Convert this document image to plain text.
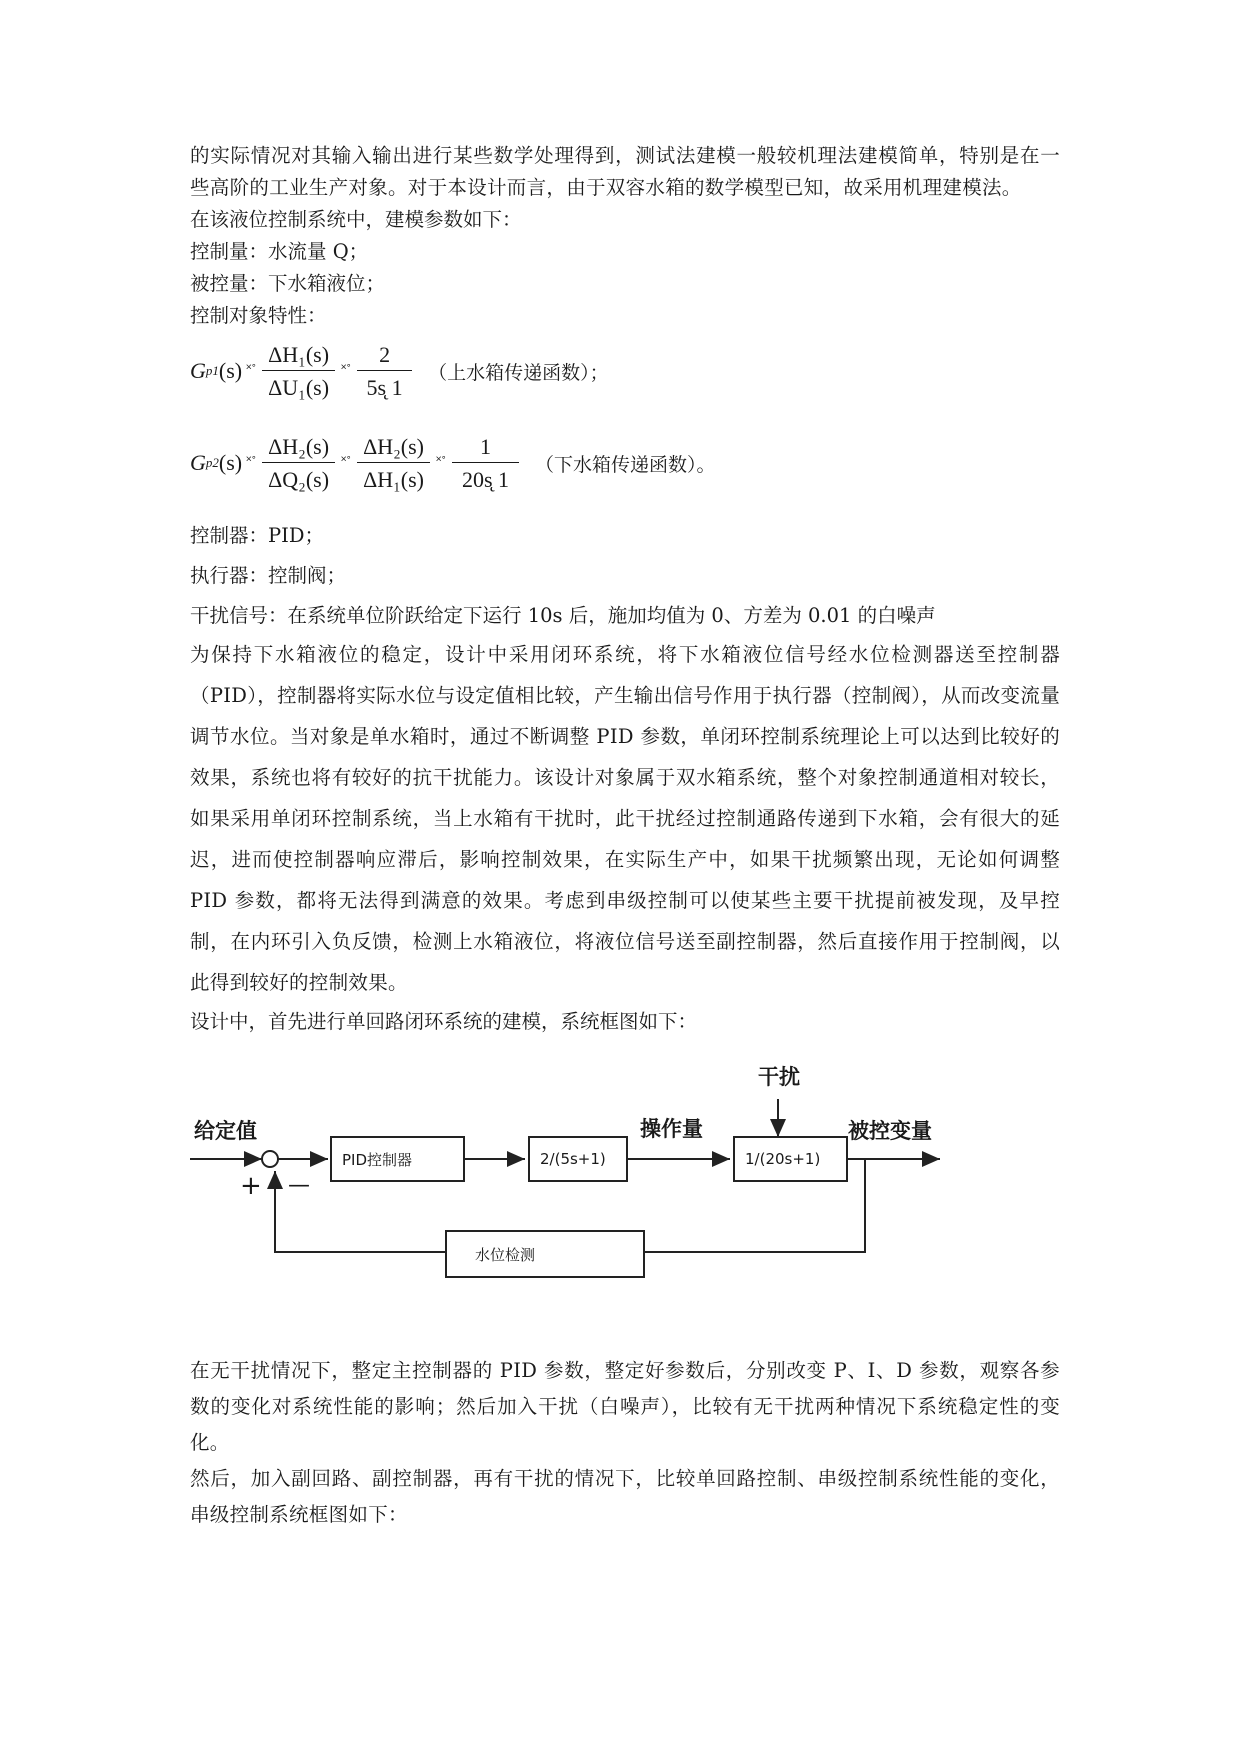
的实际情况对其输入输出进行某些数学处理得到，测试法建模一般较机理法建模简单，特别是在一些高阶的工业生产对象。对于本设计而言，由于双容水箱的数学模型已知，故采用机理建模法。

在该液位控制系统中，建模参数如下：

控制量：水流量 Q；

被控量：下水箱液位；

控制对象特性：

G p1 (s) ˟˚ $\frac{\text{ΔH₁(s)}}{\text{ΔU₁(s)}}$ ˟˚ $\frac{2}{5s̨ 1}$ （上水箱传递函数）；
G p2 (s) ˟˚ $\frac{\text{ΔH₂(s)}}{\text{ΔQ₂(s)}}$ ˟˚ $\frac{\text{ΔH₂(s)}}{\text{ΔH₁(s)}}$ ˟˚ $\frac{1}{20s̨ 1}$ （下水箱传递函数）。

控制器：PID；

执行器：控制阀；

干扰信号：在系统单位阶跃给定下运行 10s 后，施加均值为 0、方差为 0.01 的白噪声

为保持下水箱液位的稳定，设计中采用闭环系统，将下水箱液位信号经水位检测器送至控制器（PID），控制器将实际水位与设定值相比较，产生输出信号作用于执行器（控制阀），从而改变流量调节水位。当对象是单水箱时，通过不断调整 PID 参数，单闭环控制系统理论上可以达到比较好的效果，系统也将有较好的抗干扰能力。该设计对象属于双水箱系统，整个对象控制通道相对较长，如果采用单闭环控制系统，当上水箱有干扰时，此干扰经过控制通路传递到下水箱，会有很大的延迟，进而使控制器响应滞后，影响控制效果，在实际生产中，如果干扰频繁出现，无论如何调整 PID 参数，都将无法得到满意的效果。考虑到串级控制可以使某些主要干扰提前被发现，及早控制，在内环引入负反馈，检测上水箱液位，将液位信号送至副控制器，然后直接作用于控制阀，以此得到较好的控制效果。

设计中，首先进行单回路闭环系统的建模，系统框图如下：

给定值
+ —
PID控制器	2/(5s+1)
操作量
干扰
1/(20s+1)
被控变量
水位检测

在无干扰情况下，整定主控制器的 PID 参数，整定好参数后，分别改变 P、I、D 参数，观察各参数的变化对系统性能的影响；然后加入干扰（白噪声），比较有无干扰两种情况下系统稳定性的变化。

然后，加入副回路、副控制器，再有干扰的情况下，比较单回路控制、串级控制系统性能的变化，串级控制系统框图如下：
